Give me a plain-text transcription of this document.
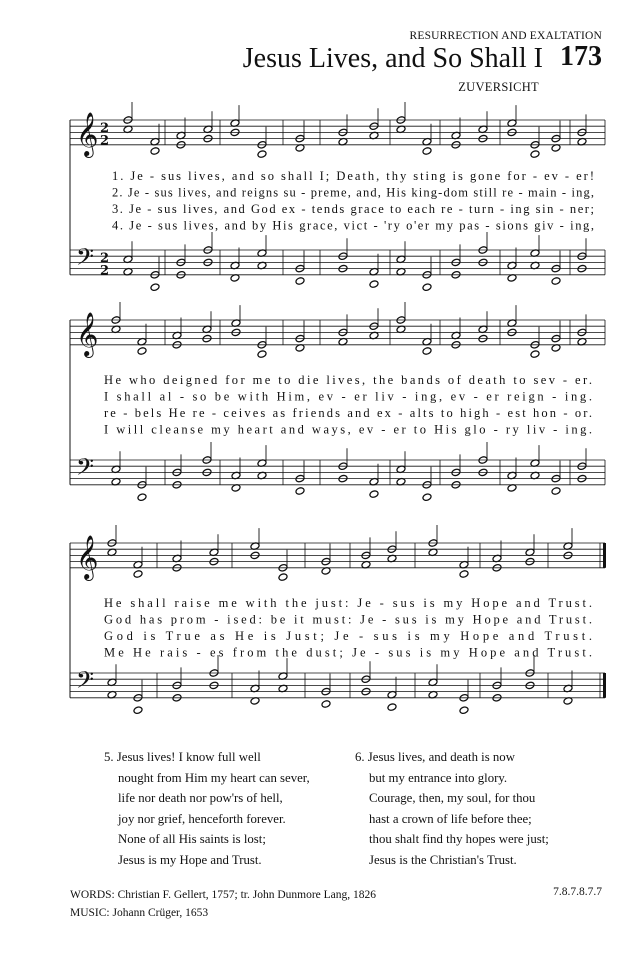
RESURRECTION AND EXALTATION
Jesus Lives, and So Shall I 173
ZUVERSICHT
𝄞
𝄢
2
2
2
2
1. Je - sus lives, and so shall I; Death, thy sting is gone for - ev - er!
2. Je - sus lives, and reigns su - preme, and, His king-dom still re - main - ing,
3. Je - sus lives, and God ex - tends grace to each re - turn - ing sin - ner;
4. Je - sus lives, and by His grace, vict - 'ry o'er my pas - sions giv - ing,
𝄞
𝄢
He who deigned for me to die lives, the bands of death to sev - er.
I shall al - so be with Him, ev - er liv - ing, ev - er reign - ing.
re - bels He re - ceives as friends and ex - alts to high - est hon - or.
I will cleanse my heart and ways, ev - er to His glo - ry liv - ing.
𝄞
𝄢
He shall raise me with the just: Je - sus is my Hope and Trust.
God has prom - ised: be it must: Je - sus is my Hope and Trust.
God is True as He is Just; Je - sus is my Hope and Trust.
Me He rais - es from the dust; Je - sus is my Hope and Trust.
5. Jesus lives! I know full well
nought from Him my heart can sever,
life nor death nor pow'rs of hell,
joy nor grief, henceforth forever.
None of all His saints is lost;
Jesus is my Hope and Trust.
6. Jesus lives, and death is now
but my entrance into glory.
Courage, then, my soul, for thou
hast a crown of life before thee;
thou shalt find thy hopes were just;
Jesus is the Christian's Trust.
WORDS: Christian F. Gellert, 1757; tr. John Dunmore Lang, 1826
MUSIC: Johann Crüger, 1653
7.8.7.8.7.7
